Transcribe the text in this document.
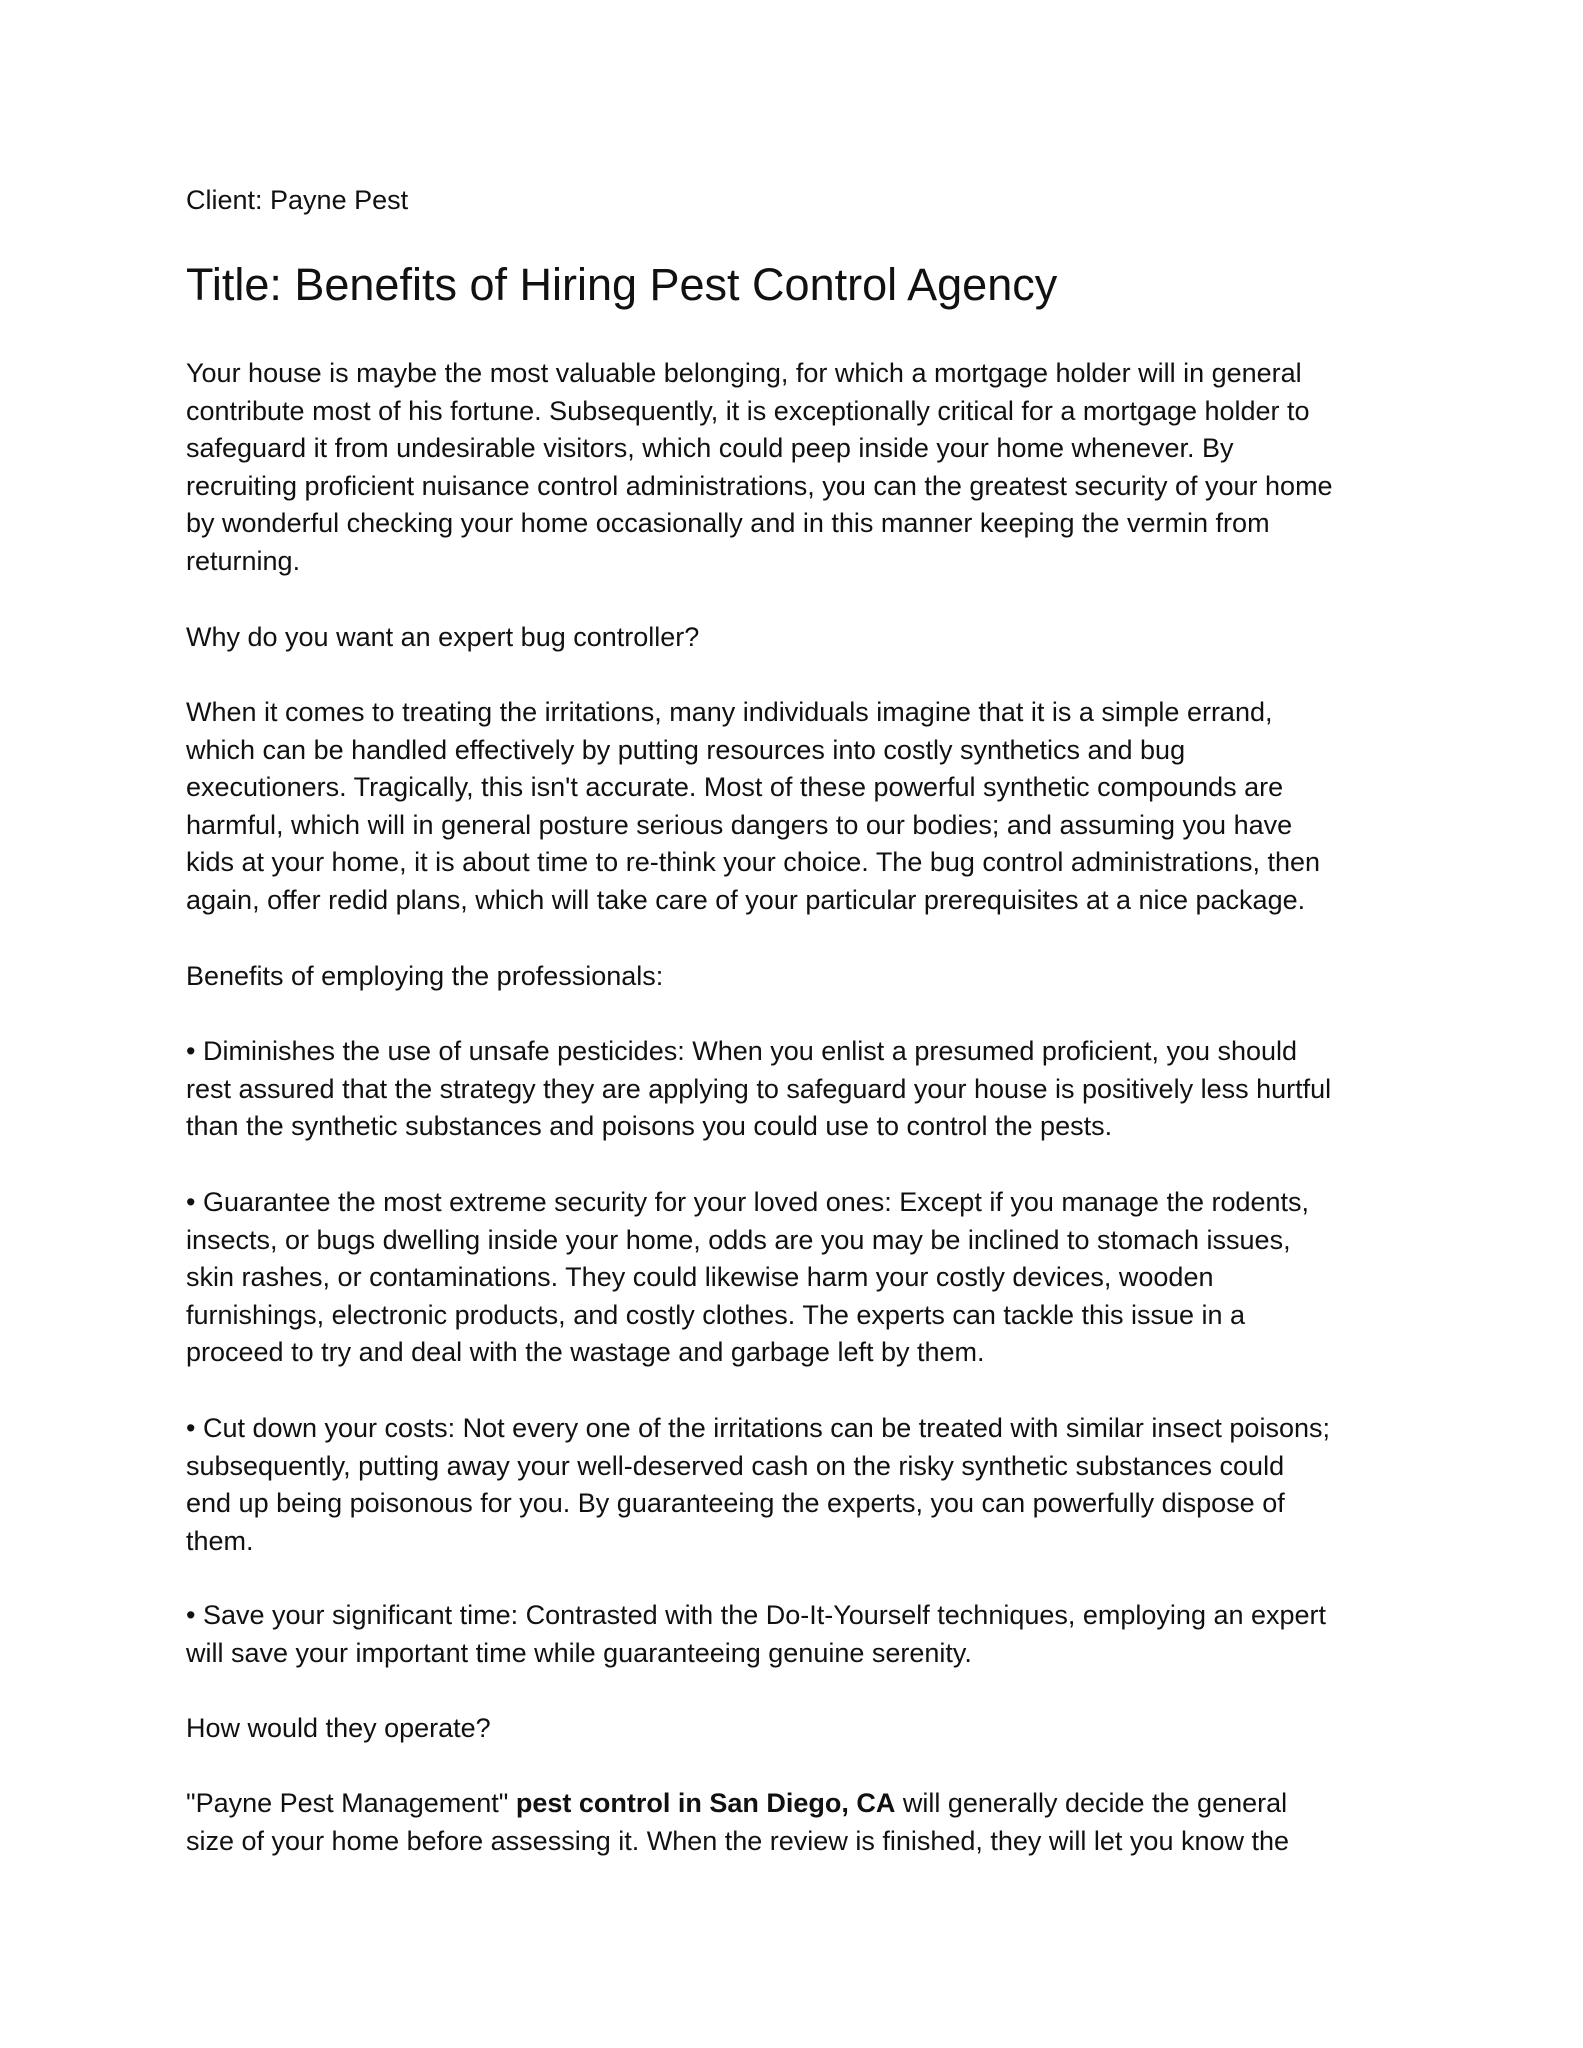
Client: Payne Pest
Title: Benefits of Hiring Pest Control Agency

Your house is maybe the most valuable belonging, for which a mortgage holder will in general
contribute most of his fortune. Subsequently, it is exceptionally critical for a mortgage holder to
safeguard it from undesirable visitors, which could peep inside your home whenever. By
recruiting proficient nuisance control administrations, you can the greatest security of your home
by wonderful checking your home occasionally and in this manner keeping the vermin from
returning.

Why do you want an expert bug controller?

When it comes to treating the irritations, many individuals imagine that it is a simple errand,
which can be handled effectively by putting resources into costly synthetics and bug
executioners. Tragically, this isn't accurate. Most of these powerful synthetic compounds are
harmful, which will in general posture serious dangers to our bodies; and assuming you have
kids at your home, it is about time to re-think your choice. The bug control administrations, then
again, offer redid plans, which will take care of your particular prerequisites at a nice package.

Benefits of employing the professionals:

• Diminishes the use of unsafe pesticides: When you enlist a presumed proficient, you should
rest assured that the strategy they are applying to safeguard your house is positively less hurtful
than the synthetic substances and poisons you could use to control the pests.

• Guarantee the most extreme security for your loved ones: Except if you manage the rodents,
insects, or bugs dwelling inside your home, odds are you may be inclined to stomach issues,
skin rashes, or contaminations. They could likewise harm your costly devices, wooden
furnishings, electronic products, and costly clothes. The experts can tackle this issue in a
proceed to try and deal with the wastage and garbage left by them.

• Cut down your costs: Not every one of the irritations can be treated with similar insect poisons;
subsequently, putting away your well-deserved cash on the risky synthetic substances could
end up being poisonous for you. By guaranteeing the experts, you can powerfully dispose of
them.

• Save your significant time: Contrasted with the Do-It-Yourself techniques, employing an expert
will save your important time while guaranteeing genuine serenity.

How would they operate?

"Payne Pest Management" pest control in San Diego, CA will generally decide the general
size of your home before assessing it. When the review is finished, they will let you know the
